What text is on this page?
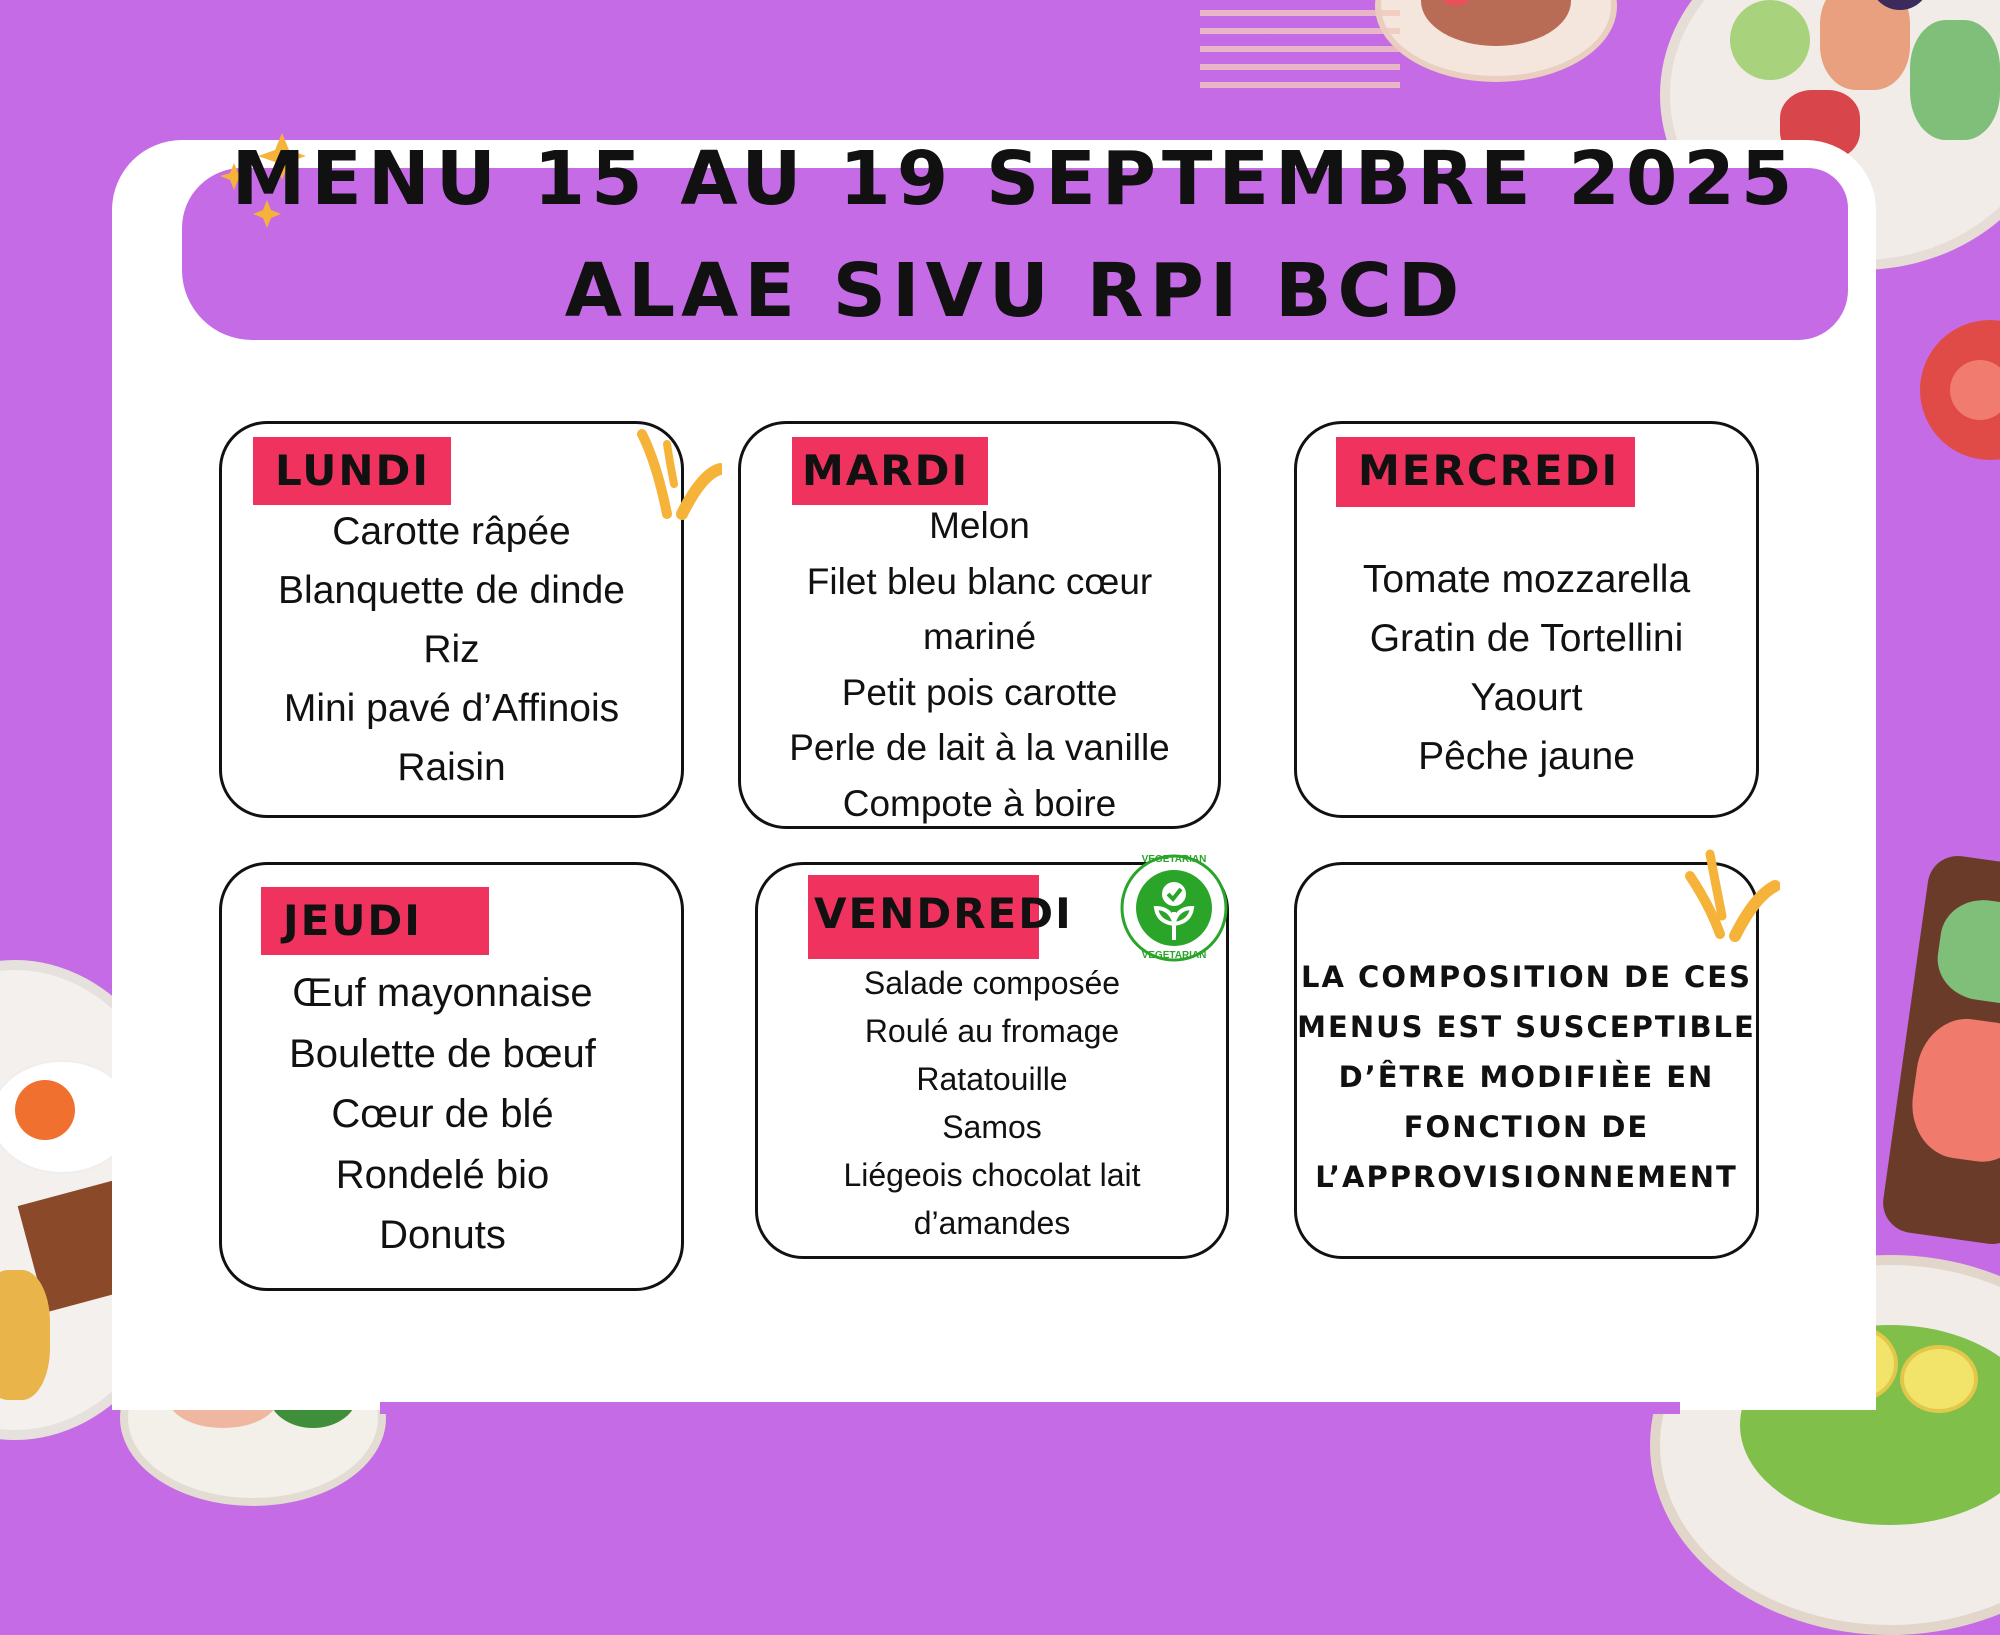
MENU 15 AU 19 SEPTEMBRE 2025
ALAE SIVU RPI BCD
LUNDI
Carotte râpée
Blanquette de dinde
Riz
Mini pavé d’Affinois
Raisin
MARDI
Melon
Filet bleu blanc cœur
mariné
Petit pois carotte
Perle de lait à la vanille
Compote à boire
MERCREDI
Tomate mozzarella
Gratin de Tortellini
Yaourt
Pêche jaune
JEUDI
Œuf mayonnaise
Boulette de bœuf
Cœur de blé
Rondelé bio
Donuts
VENDREDI
VEGETARIAN
VEGETARIAN
Salade composée
Roulé au fromage
Ratatouille
Samos
Liégeois chocolat lait
d’amandes
LA COMPOSITION DE CES
MENUS EST SUSCEPTIBLE
D’ÊTRE MODIFIÈE EN
FONCTION DE
L’APPROVISIONNEMENT
